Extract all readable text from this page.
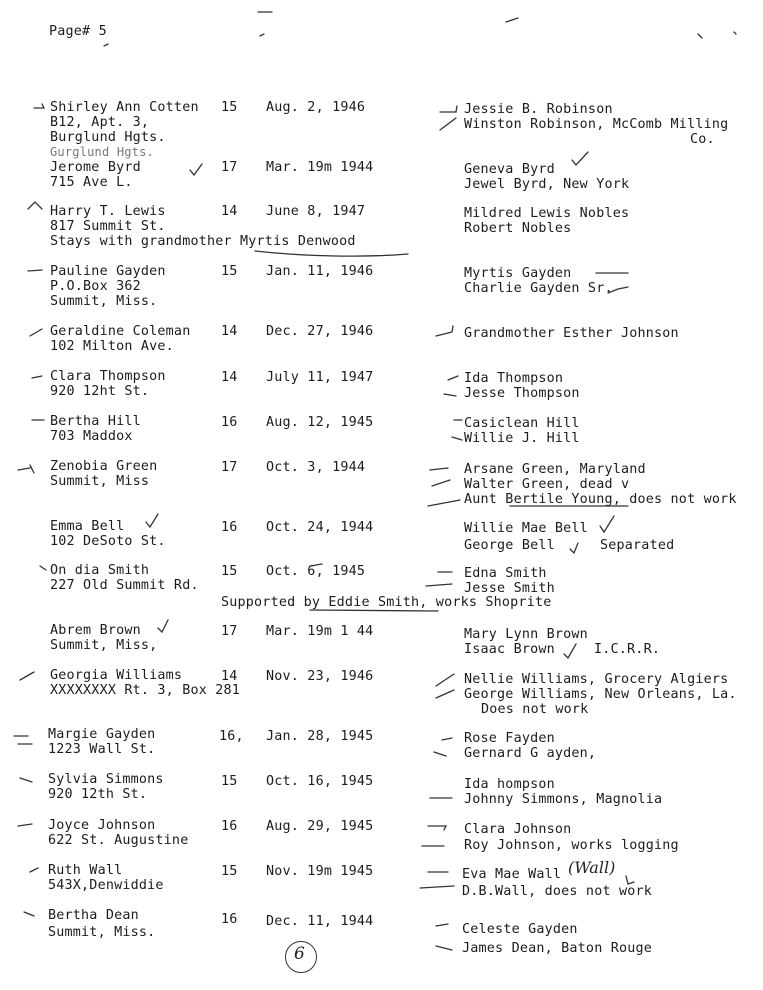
Page# 5
Shirley Ann Cotten
B12, Apt. 3,
Burglund Hgts.
Gurglund Hgts.
15 Aug. 2, 1946	Jessie B. Robinson
Winston Robinson, McComb Milling
Co.
Jerome Byrd
715 Ave L.
17 Mar. 19m 1944	Geneva Byrd
Jewel Byrd, New York
Harry T. Lewis
817 Summit St.
Stays with grandmother Myrtis Denwood
14 June 8, 1947	Mildred Lewis Nobles
Robert Nobles
Pauline Gayden
P.O.Box 362
Summit, Miss.
15 Jan. 11, 1946	Myrtis Gayden
Charlie Gayden Sr.
Geraldine Coleman
102 Milton Ave.
14 Dec. 27, 1946	Grandmother Esther Johnson
Clara Thompson
920 12ht St.
14 July 11, 1947	Ida Thompson
Jesse Thompson
Bertha Hill
703 Maddox
16 Aug. 12, 1945	Casiclean Hill
Willie J. Hill
Zenobia Green
Summit, Miss
17 Oct. 3, 1944	Arsane Green, Maryland
Walter Green, dead v
Aunt Bertile Young, does not work
Emma Bell
102 DeSoto St.
16 Oct. 24, 1944	Willie Mae Bell
George Bell	Separated
On dia Smith
227 Old Summit Rd.
Supported by Eddie Smith, works Shoprite
15 Oct. 6, 1945	Edna Smith
Jesse Smith
Abrem Brown
Summit, Miss,
17 Mar. 19m 1 44	Mary Lynn Brown
Isaac Brown	I.C.R.R.
Georgia Williams
XXXXXXXX Rt. 3, Box 281
14 Nov. 23, 1946	Nellie Williams, Grocery Algiers
George Williams, New Orleans, La.
Does not work
Margie Gayden
1223 Wall St.
16, Jan. 28, 1945	Rose Fayden
Gernard G ayden,
Sylvia Simmons
920 12th St.
15 Oct. 16, 1945	Ida hompson
Johnny Simmons, Magnolia
Joyce Johnson
622 St. Augustine
16 Aug. 29, 1945	Clara Johnson
Roy Johnson, works logging
Ruth Wall
543X,Denwiddie
15 Nov. 19m 1945	Eva Mae Wall
D.B.Wall, does not work
(Wall)
Bertha Dean
Summit, Miss.
16 Dec. 11, 1944
Celeste Gayden
James Dean, Baton Rouge
6
